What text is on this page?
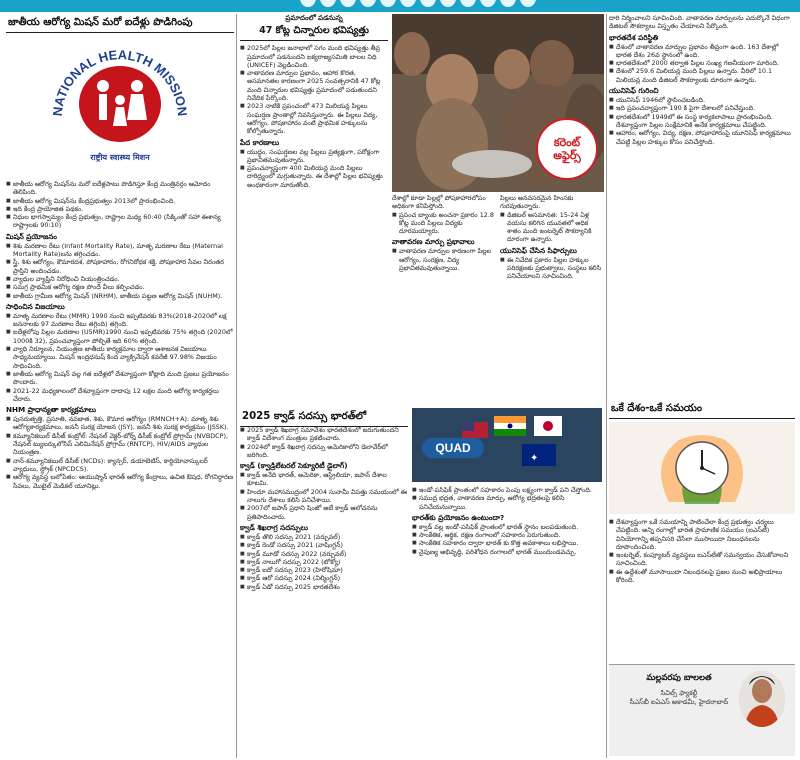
జాతీయ ఆరోగ్య మిషన్ మరో ఐదేళ్లు పొడిగింపు
NATIONAL HEALTH MISSION
राष्ट्रीय स्वास्थ्य मिशन
■ జాతీయ ఆరోగ్య మిషన్‌ను మరో ఐదేళ్లపాటు పొడిగిస్తూ కేంద్ర మంత్రివర్గం ఆమోదం తెలిపింది.
■ జాతీయ ఆరోగ్య మిషన్‌ను కేంద్రప్రభుత్వం 2013లో ప్రారంభించింది.
■ ఇది కేంద్ర ప్రాయోజిత పథకం.
■ నిధుల భాగస్వామ్యం కేంద్ర ప్రభుత్వం, రాష్ట్రాల మధ్య 60:40 (సిక్కింతో సహా ఈశాన్య రాష్ట్రాలకు 90:10)
మిషన్ ప్రయోజనం
■ శిశు మరణాల రేటు (Infant Mortality Rate), మాతృ మరణాల రేటు (Maternal Mortality Rate)లను తగ్గించడం.
■ స్త్రీ, శిశు ఆరోగ్యం, కౌమారదశ, పోషకాహారం, రోగనిరోధక శక్తి, పోషకాహార సేవల నిరంతర ప్రాప్తిని అందించడం.
■ వ్యాధుల వ్యాప్తిని నిరోధించి నియంత్రించడం.
■ సమగ్ర ప్రాథమిక ఆరోగ్య రక్షణ పొందే వీలు కల్పించడం.
■ జాతీయ గ్రామీణ ఆరోగ్య మిషన్ (NRHM), జాతీయ పట్టణ ఆరోగ్య మిషన్ (NUHM).
సాధించిన విజయాలు
■ మాతృ మరణాల రేటు (MMR) 1990 నుంచి ఇప్పటివరకు 83%(2018-2020లో లక్ష జననాలకు 97 మరణాల రేటు తగ్గింది) తగ్గింది.
■ ఐదేళ్లలోపు పిల్లల మరణాల (U5MR)1990 నుంచి ఇప్పటివరకు 75% తగ్గింది (2020లో 1000కి 32), ప్రపంచవ్యాప్తంగా పోల్చితే ఇది 60% తగ్గింది.
■ వ్యాధి నిర్మూలన, నియంత్రణ జాతీయ కార్యక్రమాల ద్వారా ఆశాజనక విజయాలు సాధ్యమయ్యాయి. మిషన్ ఇంద్రధనుష్ కింద వ్యాక్సినేషన్ కవరేజీ 97.98% విజయం సాధించింది.
■ జాతీయ ఆరోగ్య మిషన్ వల్ల గత ఐదేళ్లలో దేశవ్యాప్తంగా కోట్లాది మంది ప్రజలు ప్రయోజనం పొందారు.
■ 2021-22 మధ్యకాలంలో దేశవ్యాప్తంగా దాదాపు 12 లక్షల మంది ఆరోగ్య కార్యకర్తలు చేరారు.
NHM ప్రాధాన్యతా కార్యక్రమాలు
■ పునరుత్పత్తి, ప్రసూతి, నవజాత, శిశు, కౌమార ఆరోగ్యం (RMNCH+A): మాతృ శిశు ఆరోగ్యకార్యక్రమాలు, జననీ సురక్ష యోజన (JSY), జననీ శిశు సురక్ష కార్యక్రమం (JSSK).
■ కమ్యూనికబుల్ డిసీజ్ కంట్రోల్: నేషనల్ వెక్టర్-బోర్న్ డిసీజ్ కంట్రోల్ ప్రోగ్రామ్ (NVBDCP), నేషనల్ ట్యుబర్కులోసిస్ ఎలిమినేషన్ ప్రోగ్రామ్ (RNTCP), HIV/AIDS వ్యాధుల నియంత్రణ.
■ నాన్-కమ్యూనికబుల్ డిసీజ్ (NCDs): క్యాన్సర్, డయాబెటిస్, కార్డియోవాస్కులర్ వ్యాధులు, స్ట్రోక్ (NPCDCS).
■ ఆరోగ్య వ్యవస్థ బలోపేతం: ఆయుష్మాన్ భారత్ ఆరోగ్య కేంద్రాలు, ఉచిత ఔషధ, రోగనిర్ధారణ సేవలు, మొబైల్ మెడికల్ యూనిట్లు.
ప్రమాదంలో పడనున్న
47 కోట్ల చిన్నారుల భవిష్యత్తు
■ 2025లో పిల్లల జనాభాలో సగం మంది భవిష్యత్తు తీవ్ర ప్రమాదంలో పడనుందని ఐక్యరాజ్యసమితి బాలల నిధి (UNICEF) వెల్లడించింది.
■ వాతావరణ మార్పుల ప్రభావం, ఆహార కొరత, అసమానతల కారణంగా 2025 సంవత్సరానికి 47 కోట్ల మంది చిన్నారుల భవిష్యత్తు ప్రమాదంలో పడుతుందని నివేదిక పేర్కొంది.
■ 2023 నాటికి ప్రపంచంలో 473 మిలియన్ల పిల్లలు సంఘర్షణ ప్రాంతాల్లో నివసిస్తున్నారు. ఈ పిల్లలు విద్య, ఆరోగ్యం, పోషకాహారం వంటి ప్రాథమిక హక్కులను కోల్పోతున్నారు.
పేద కారణాలు
■ యుద్ధం, సంఘర్షణల వల్ల పిల్లలు ప్రత్యక్షంగా, పరోక్షంగా ప్రభావితమవుతున్నారు.
■ ప్రపంచవ్యాప్తంగా 400 మిలియన్ల మంది పిల్లలు దారిద్ర్యంలో మగ్గుతున్నారు. ఈ దేశాల్లో పిల్లల భవిష్యత్తు అంధకారంగా మారుతోంది.
కరెంట్
అఫైర్స్
దేశాల్లో కూడా పిల్లల్లో పోషకాహారలోపం అధికంగా కనిపిస్తోంది.
■ ప్రపంచ బ్యాంకు అంచనా ప్రకారం 12.8 కోట్ల మంది పిల్లలు విద్యకు దూరమయ్యారు.
వాతావరణ మార్పు ప్రభావాలు
■ వాతావరణ మార్పుల కారణంగా పిల్లల ఆరోగ్యం, సంరక్షణ, విద్య ప్రభావితమవుతున్నాయి.
పిల్లలు అనవసరమైన హింసకు గురవుతున్నారు.
■ డిజిటల్ అసమానత: 15-24 ఏళ్ల వయసు కలిగిన యువతలో అధిక శాతం మంది ఇంటర్నెట్ సౌకర్యానికి దూరంగా ఉన్నారు.
యునిసెఫ్ చేసిన సిఫార్సులు
■ ఈ నివేదిక ప్రకారం పిల్లల హక్కుల పరిరక్షణకు ప్రభుత్వాలు, సంస్థలు కలిసి పనిచేయాలని సూచించింది.
దారి నిర్మించాలని సూచించింది. వాతావరణ మార్పులను ఎదుర్కొనే విధంగా డిజిటల్ సౌకర్యాలు విస్తృతం చేయాలని పేర్కొంది.
భారతదేశ పరిస్థితి
■ దేశంలో వాతావరణ మార్పుల ప్రభావం తీవ్రంగా ఉంది. 163 దేశాల్లో భారత దేశం 26వ స్థానంలో ఉంది.
■ భారతదేశంలో 2000 తర్వాత పిల్లల సంఖ్య గణనీయంగా మారింది.
■ దేశంలో 259.6 మిలియన్ల మంది పిల్లలు ఉన్నారు. వీరిలో 10.1 మిలియన్ల మంది డిజిటల్ సౌకర్యాలకు దూరంగా ఉన్నారు.
యునిసెఫ్ గురించి
■ యునిసెఫ్ 1946లో స్థాపించబడింది.
■ ఇది ప్రపంచవ్యాప్తంగా 190 కి పైగా దేశాలలో పనిచేస్తుంది.
■ భారతదేశంలో 1949లో ఈ సంస్థ కార్యకలాపాలు ప్రారంభించింది. దేశవ్యాప్తంగా పిల్లల సంక్షేమానికి అనేక కార్యక్రమాలు చేపట్టింది.
■ ఆహారం, ఆరోగ్యం, విద్య, రక్షణ, పోషకాహారంపై యూనిసెఫ్ కార్యక్రమాలు చేపట్టి పిల్లల హక్కుల కోసం పనిచేస్తోంది.
2025 క్వాడ్ సదస్సు భారత్‌లో
■ 2025 క్వాడ్ శిఖరాగ్ర సమావేశం భారతదేశంలో జరుగుతుందని క్వాడ్ విదేశాంగ మంత్రుల ప్రకటించారు.
■ 2024లో క్వాడ్ శిఖరాగ్ర సదస్సు అమెరికాలోని డెలావేర్‌లో జరిగింది.
క్వాడ్ (క్వాడ్రిలేటరల్ సెక్యూరిటీ డైలాగ్)
■ క్వాడ్ అనేది భారత్, అమెరికా, ఆస్ట్రేలియా, జపాన్ దేశాల కూటమి.
■ హిందూ మహాసముద్రంలో 2004 సునామీ విపత్తు సమయంలో ఈ నాలుగు దేశాలు కలిసి పనిచేశాయి.
■ 2007లో జపాన్ ప్రధాని షింజో అబే క్వాడ్ ఆలోచనను ప్రతిపాదించారు.
క్వాడ్ శిఖరాగ్ర సదస్సులు
■ క్వాడ్ తొలి సదస్సు 2021 (వర్చువల్)
■ క్వాడ్ రెండో సదస్సు 2021 (వాషింగ్టన్)
■ క్వాడ్ మూడో సదస్సు 2022 (వర్చువల్)
■ క్వాడ్ నాలుగో సదస్సు 2022 (టోక్యో)
■ క్వాడ్ ఐదో సదస్సు 2023 (హిరోషిమా)
■ క్వాడ్ ఆరో సదస్సు 2024 (విల్మింగ్టన్)
■ క్వాడ్ ఏడో సదస్సు 2025 భారతదేశం
✦
QUAD
■ ఇండో-పసిఫిక్ ప్రాంతంలో సహకారం పెంపు లక్ష్యంగా క్వాడ్ పని చేస్తోంది.
■ సముద్ర భద్రత, వాతావరణ మార్పు, ఆరోగ్య భద్రతలపై కలిసి పనిచేయనున్నాయి.
భారత్‌కు ప్రయోజనం ఉంటుందా?
■ క్వాడ్ వల్ల ఇండో-పసిఫిక్ ప్రాంతంలో భారత్ స్థానం బలపడుతుంది.
■ సాంకేతిక, ఆర్థిక, రక్షణ రంగాలలో సహకారం పెరుగుతుంది.
■ సాంకేతిక సహకారం ద్వారా భారత్ కు కొత్త అవకాశాలు లభిస్తాయి.
■ నైపుణ్య అభివృద్ధి, పరిశోధన రంగాలలో భారత్ ముందుండవచ్చు.
ఒకే దేశం-ఒకే సమయం
■ దేశవ్యాప్తంగా ఒకే సమయాన్ని పాటించేలా కేంద్ర ప్రభుత్వం చర్యలు చేపట్టింది. అన్ని రంగాల్లో భారత ప్రామాణిక సమయం (ఐఎస్‌టీ) వినియోగాన్ని తప్పనిసరి చేసేలా ముసాయిదా నిబంధనలను రూపొందించింది.
■ ఇంటర్నెట్, కంప్యూటర్ వ్యవస్థలు ఐఎస్‌టీతో సమన్వయం చేసుకోవాలని సూచించింది.
■ ఈ ఉద్దేశంతో మూసాయిదా నిబంధనలపై ప్రజల నుంచి అభిప్రాయాలు కోరింది.
మల్లవరపు బాలలత
సివిల్స్ ఫ్యాకల్టీ
సీఎస్‌బీ ఐఏఎస్ అకాడమీ, హైదరాబాద్
